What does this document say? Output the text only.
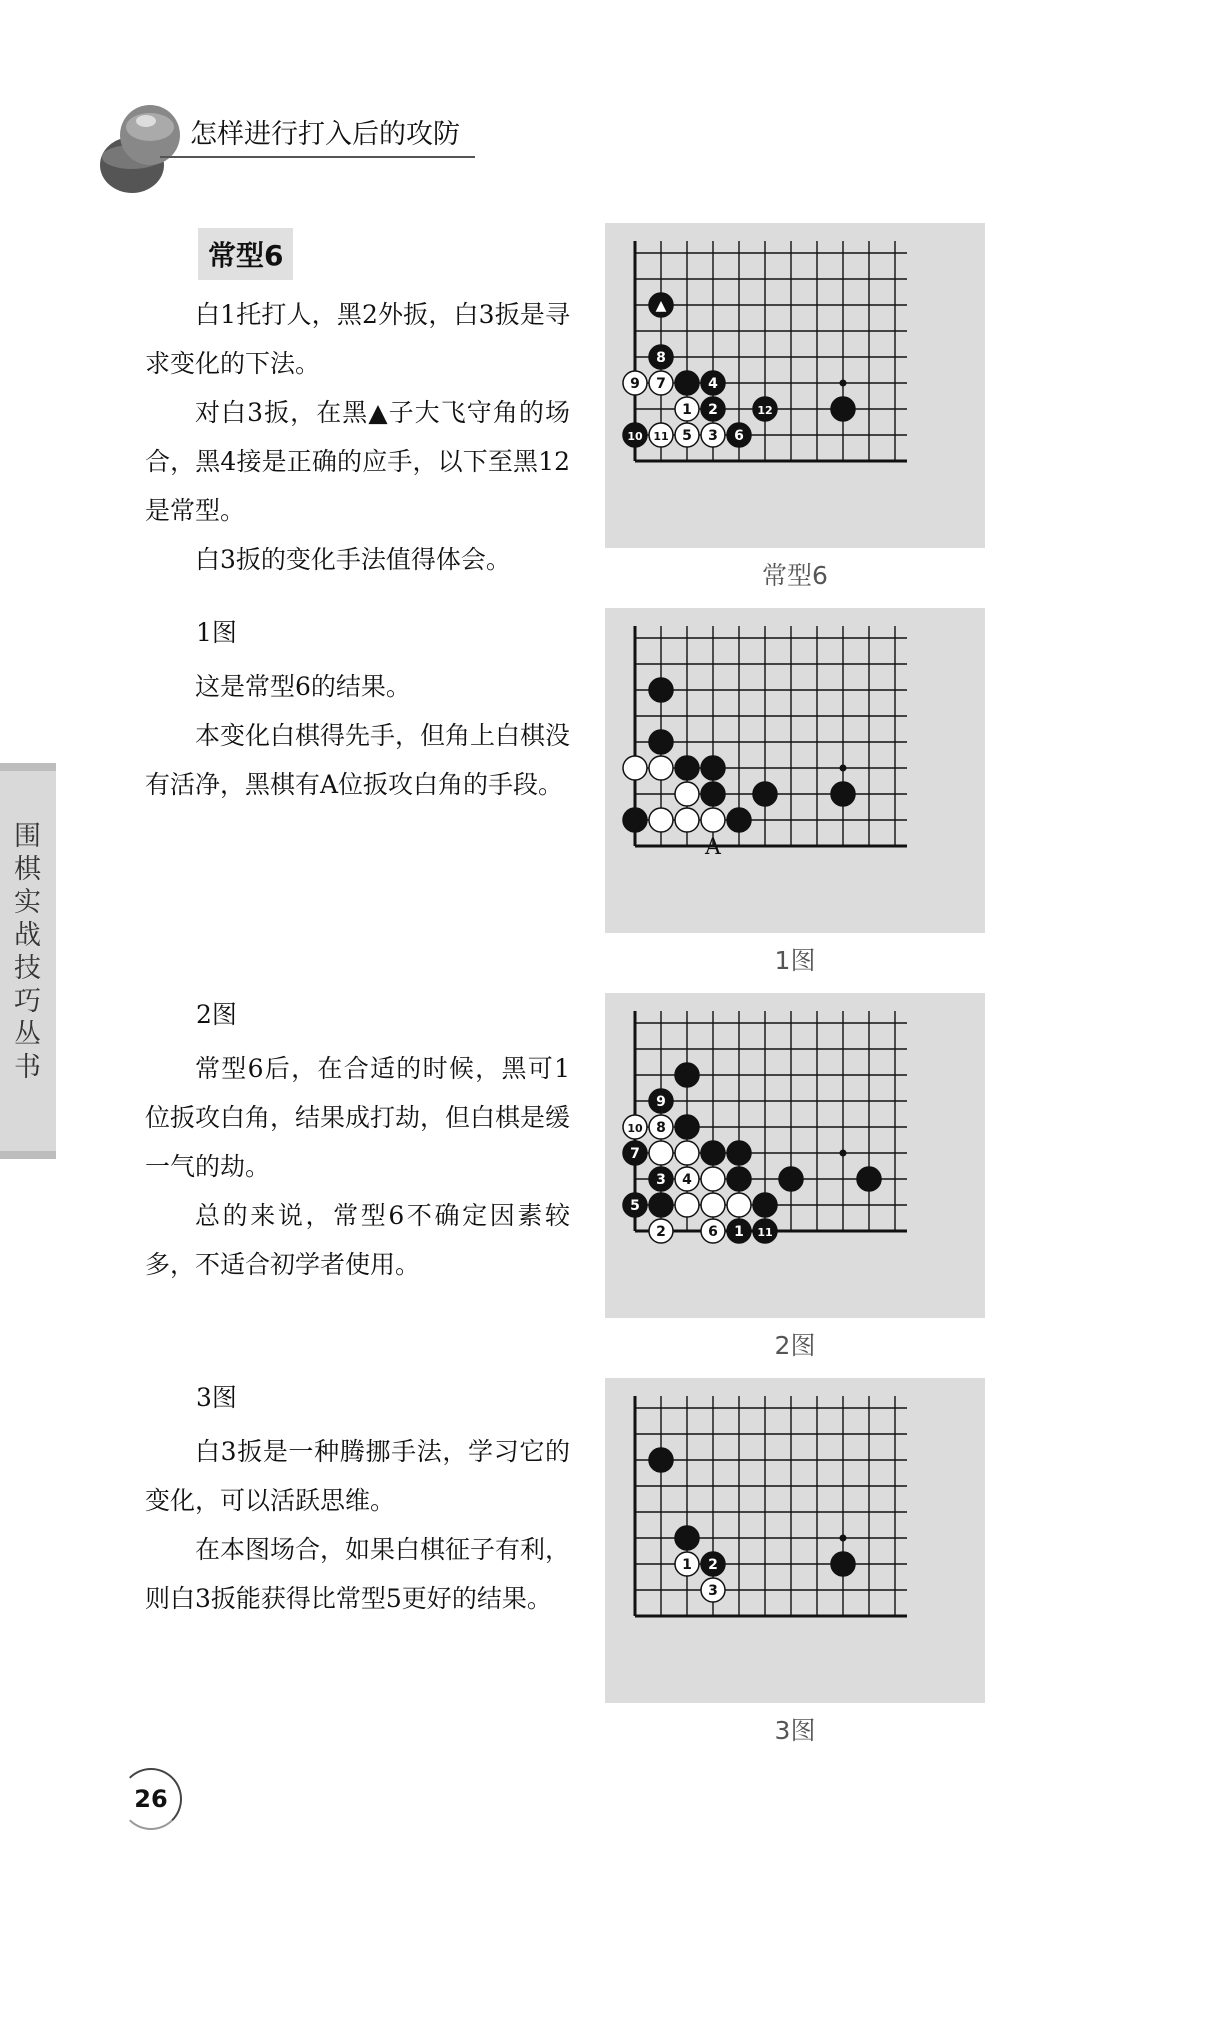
怎样进行打入后的攻防
常型6

白1托打人，黑2外扳，白3扳是寻求变化的下法。

对白3扳，在黑▲子大飞守角的场合，黑4接是正确的应手，以下至黑12是常型。

白3扳的变化手法值得体会。

1图

这是常型6的结果。

本变化白棋得先手，但角上白棋没有活净，黑棋有A位扳攻白角的手段。

2图

常型6后，在合适的时候，黑可1位扳攻白角，结果成打劫，但白棋是缓一气的劫。

总的来说，常型6不确定因素较多，不适合初学者使用。

3图

白3扳是一种腾挪手法，学习它的变化，可以活跃思维。

在本图场合，如果白棋征子有利，则白3扳能获得比常型5更好的结果。

围棋实战技巧丛书
▲
8
9 7	4
1 2	12
10 11 5 3 6
常型6
A
1图
9
10 8
7
3 4
5
2	6 1 11
2图
1 2
3
3图
26
